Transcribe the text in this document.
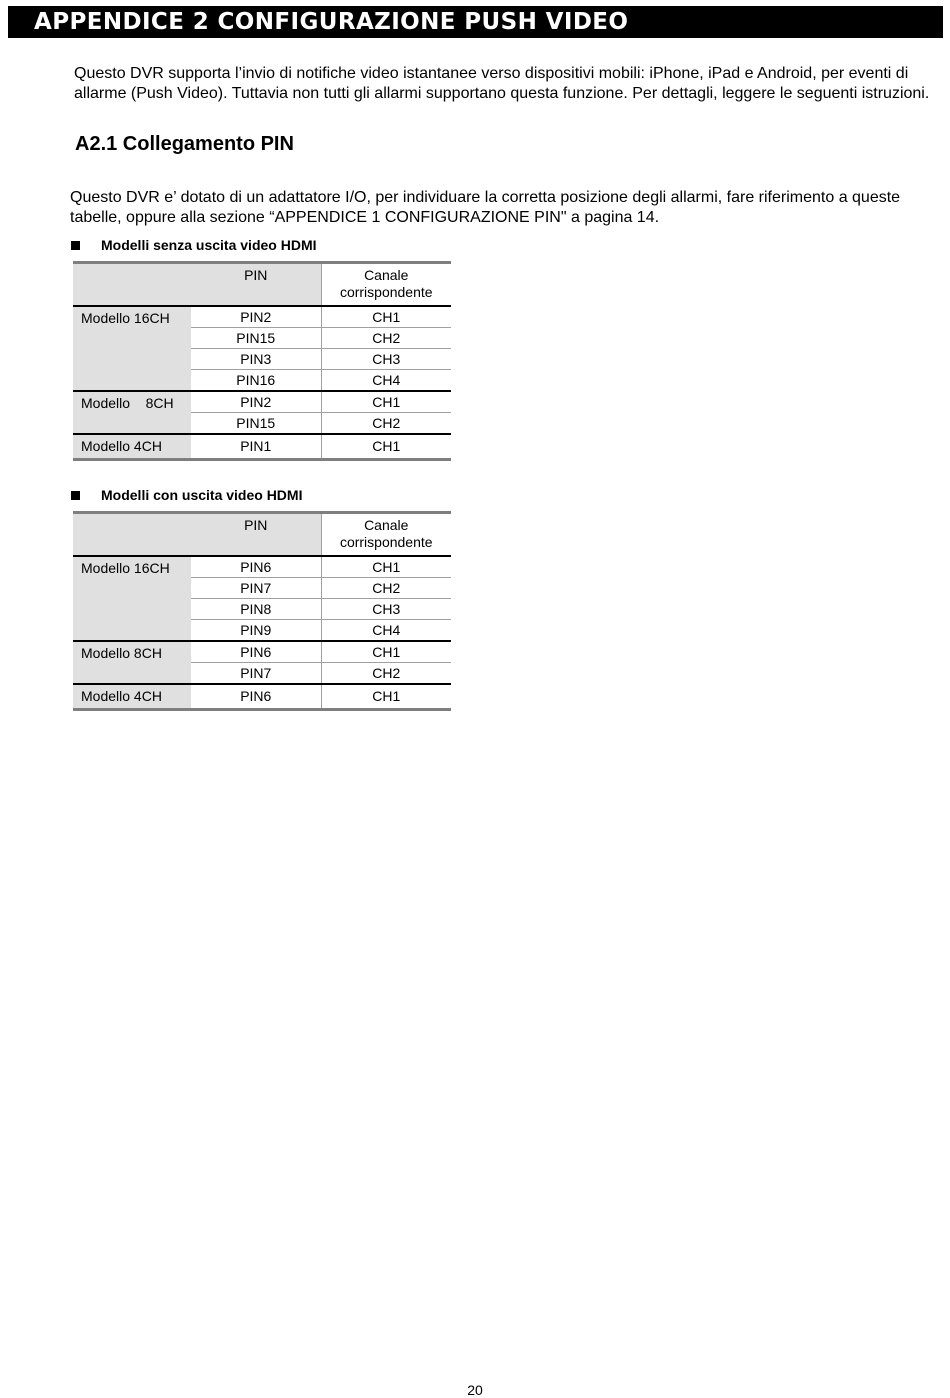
APPENDICE 2 CONFIGURAZIONE PUSH VIDEO

Questo DVR supporta l’invio di notifiche video istantanee verso dispositivi mobili: iPhone, iPad e Android, per eventi di allarme (Push Video). Tuttavia non tutti gli allarmi supportano questa funzione. Per dettagli, leggere le seguenti istruzioni.

A2.1 Collegamento PIN

Questo DVR e’ dotato di un adattatore I/O, per individuare la corretta posizione degli allarmi, fare riferimento a queste tabelle, oppure alla sezione “APPENDICE 1 CONFIGURAZIONE PIN" a pagina 14.

Modelli senza uscita video HDMI
	PIN	Canale corrispondente
Modello 16CH	PIN2	CH1
	PIN15	CH2
	PIN3	CH3
	PIN16	CH4
Modello    8CH	PIN2	CH1
	PIN15	CH2
Modello 4CH	PIN1	CH1
Modelli con uscita video HDMI
	PIN	Canale corrispondente
Modello 16CH	PIN6	CH1
	PIN7	CH2
	PIN8	CH3
	PIN9	CH4
Modello 8CH	PIN6	CH1
	PIN7	CH2
Modello 4CH	PIN6	CH1
20
